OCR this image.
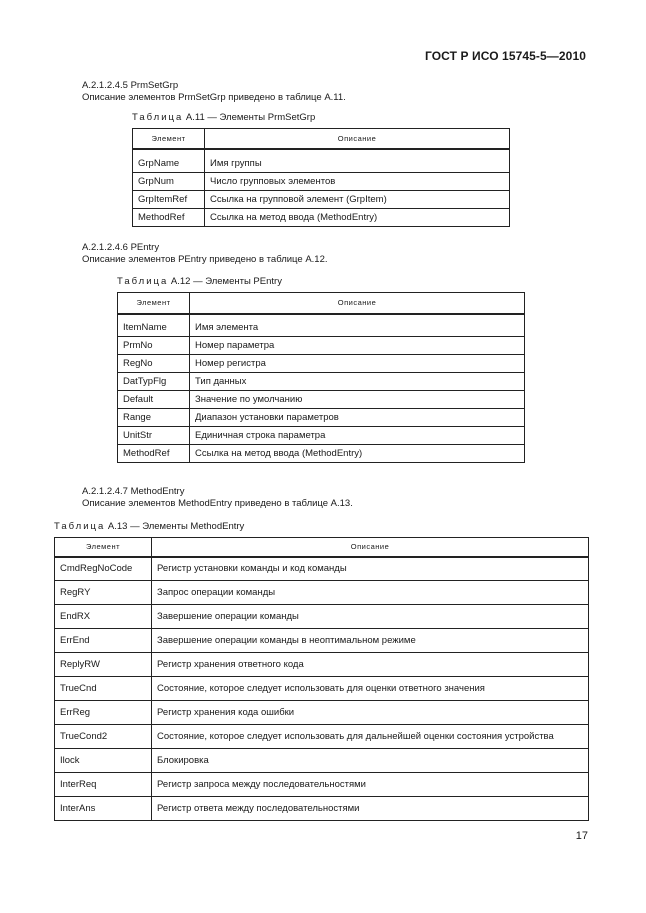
ГОСТ Р ИСО 15745-5—2010
А.2.1.2.4.5 PrmSetGrp
Описание элементов PrmSetGrp приведено в таблице А.11.
Таблица А.11 — Элементы PrmSetGrp
Элемент	Описание
GrpName	Имя группы
GrpNum	Число групповых элементов
GrpItemRef	Ссылка на групповой элемент (GrpItem)
MethodRef	Ссылка на метод ввода (MethodEntry)
А.2.1.2.4.6 PEntry
Описание элементов PEntry приведено в таблице А.12.
Таблица А.12 — Элементы PEntry
Элемент	Описание
ItemName	Имя элемента
PrmNo	Номер параметра
RegNo	Номер регистра
DatTypFlg	Тип данных
Default	Значение по умолчанию
Range	Диапазон установки параметров
UnitStr	Единичная строка параметра
MethodRef	Ссылка на метод ввода (MethodEntry)
А.2.1.2.4.7 MethodEntry
Описание элементов MethodEntry приведено в таблице А.13.
Таблица А.13 — Элементы MethodEntry
Элемент	Описание
CmdRegNoCode	Регистр установки команды и код команды
RegRY	Запрос операции команды
EndRX	Завершение операции команды
ErrEnd	Завершение операции команды в неоптимальном режиме
ReplyRW	Регистр хранения ответного кода
TrueCnd	Состояние, которое следует использовать для оценки ответного значения
ErrReg	Регистр хранения кода ошибки
TrueCond2	Состояние, которое следует использовать для дальнейшей оценки состояния устройства
Ilock	Блокировка
InterReq	Регистр запроса между последовательностями
InterAns	Регистр ответа между последовательностями
17
